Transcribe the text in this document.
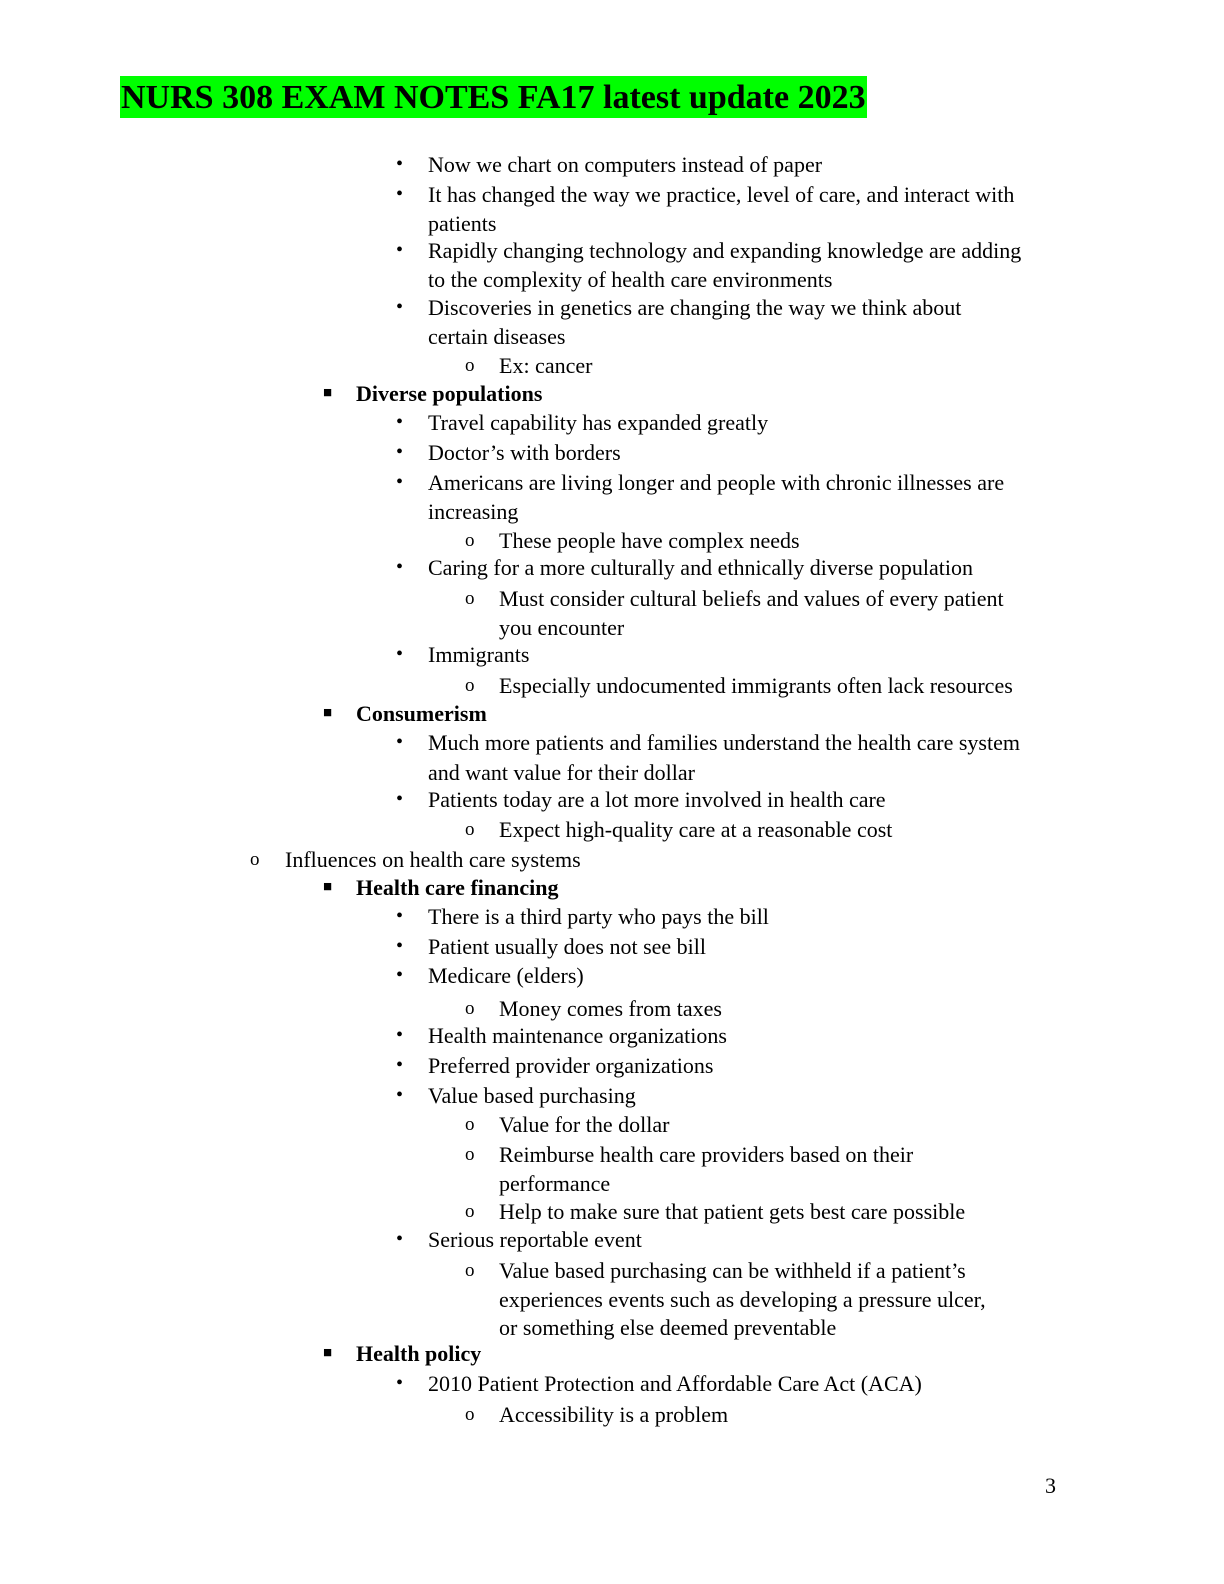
NURS 308 EXAM NOTES FA17 latest update 2023
• Now we chart on computers instead of paper
• It has changed the way we practice, level of care, and interact with
patients
• Rapidly changing technology and expanding knowledge are adding
to the complexity of health care environments
• Discoveries in genetics are changing the way we think about
certain diseases
o Ex: cancer
■ Diverse populations
• Travel capability has expanded greatly
• Doctor’s with borders
• Americans are living longer and people with chronic illnesses are
increasing
o These people have complex needs
• Caring for a more culturally and ethnically diverse population
o Must consider cultural beliefs and values of every patient
you encounter
• Immigrants
o Especially undocumented immigrants often lack resources
■ Consumerism
• Much more patients and families understand the health care system
and want value for their dollar
• Patients today are a lot more involved in health care
o Expect high-quality care at a reasonable cost
o Influences on health care systems
■ Health care financing
• There is a third party who pays the bill
• Patient usually does not see bill
• Medicare (elders)
o Money comes from taxes
• Health maintenance organizations
• Preferred provider organizations
• Value based purchasing
o Value for the dollar
o Reimburse health care providers based on their
performance
o Help to make sure that patient gets best care possible
• Serious reportable event
o Value based purchasing can be withheld if a patient’s
experiences events such as developing a pressure ulcer,
or something else deemed preventable
■ Health policy
• 2010 Patient Protection and Affordable Care Act (ACA)
o Accessibility is a problem
3
